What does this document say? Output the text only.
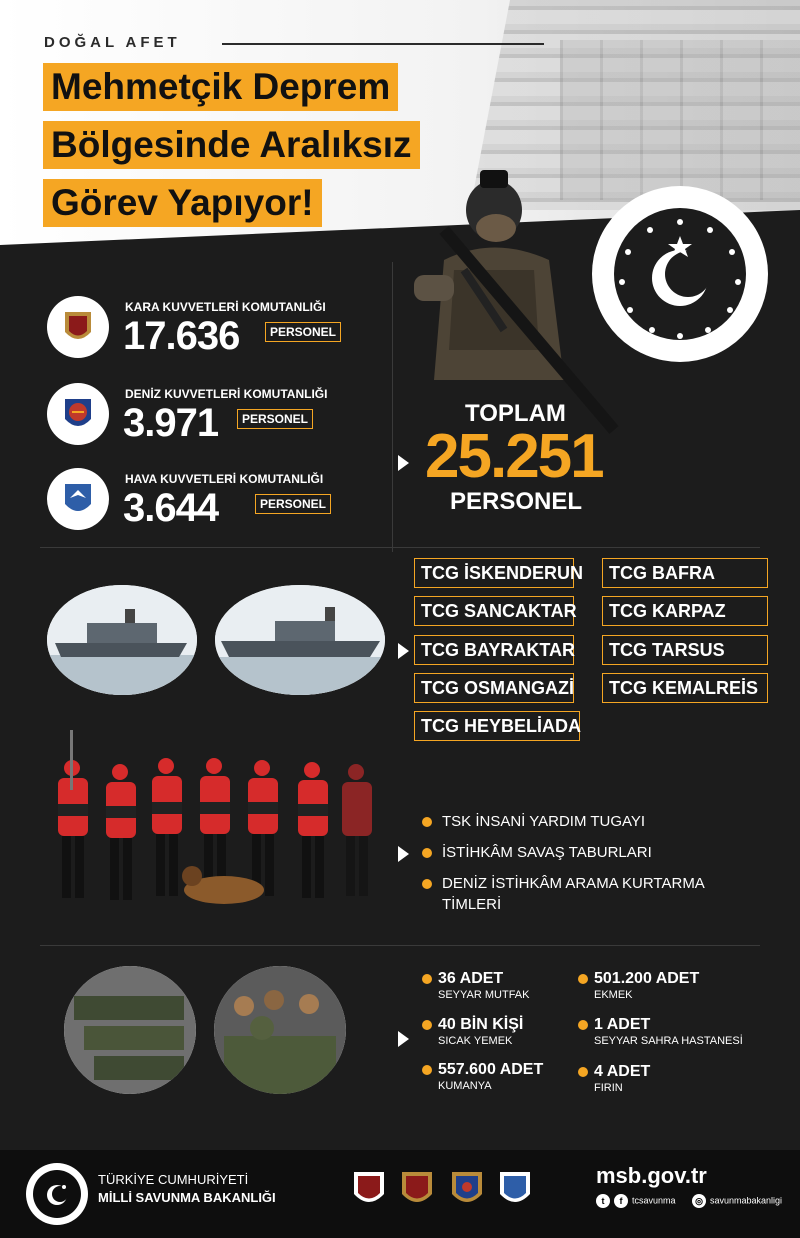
DOĞAL AFET
Mehmetçik Deprem
Bölgesinde Aralıksız
Görev Yapıyor!
KARA KUVVETLERİ KOMUTANLIĞI
17.636	PERSONEL
DENİZ KUVVETLERİ KOMUTANLIĞI
3.971	PERSONEL
HAVA KUVVETLERİ KOMUTANLIĞI
3.644	PERSONEL
TOPLAM
25.251
PERSONEL
TCG İSKENDERUN
TCG SANCAKTAR
TCG BAYRAKTAR
TCG OSMANGAZİ
TCG HEYBELİADA
TCG BAFRA
TCG KARPAZ
TCG TARSUS
TCG KEMALREİS
TSK İNSANİ YARDIM TUGAYI
İSTİHKÂM SAVAŞ TABURLARI
DENİZ İSTİHKÂM ARAMA KURTARMA
TİMLERİ
36 ADET
SEYYAR MUTFAK
40 BİN KİŞİ
SICAK YEMEK
557.600 ADET
KUMANYA
501.200 ADET
EKMEK
1 ADET
SEYYAR SAHRA HASTANESİ
4 ADET
FIRIN
TÜRKİYE CUMHURİYETİ
MİLLİ SAVUNMA BAKANLIĞI
msb.gov.tr
t f tcsavunma	◎ savunmabakanligi
